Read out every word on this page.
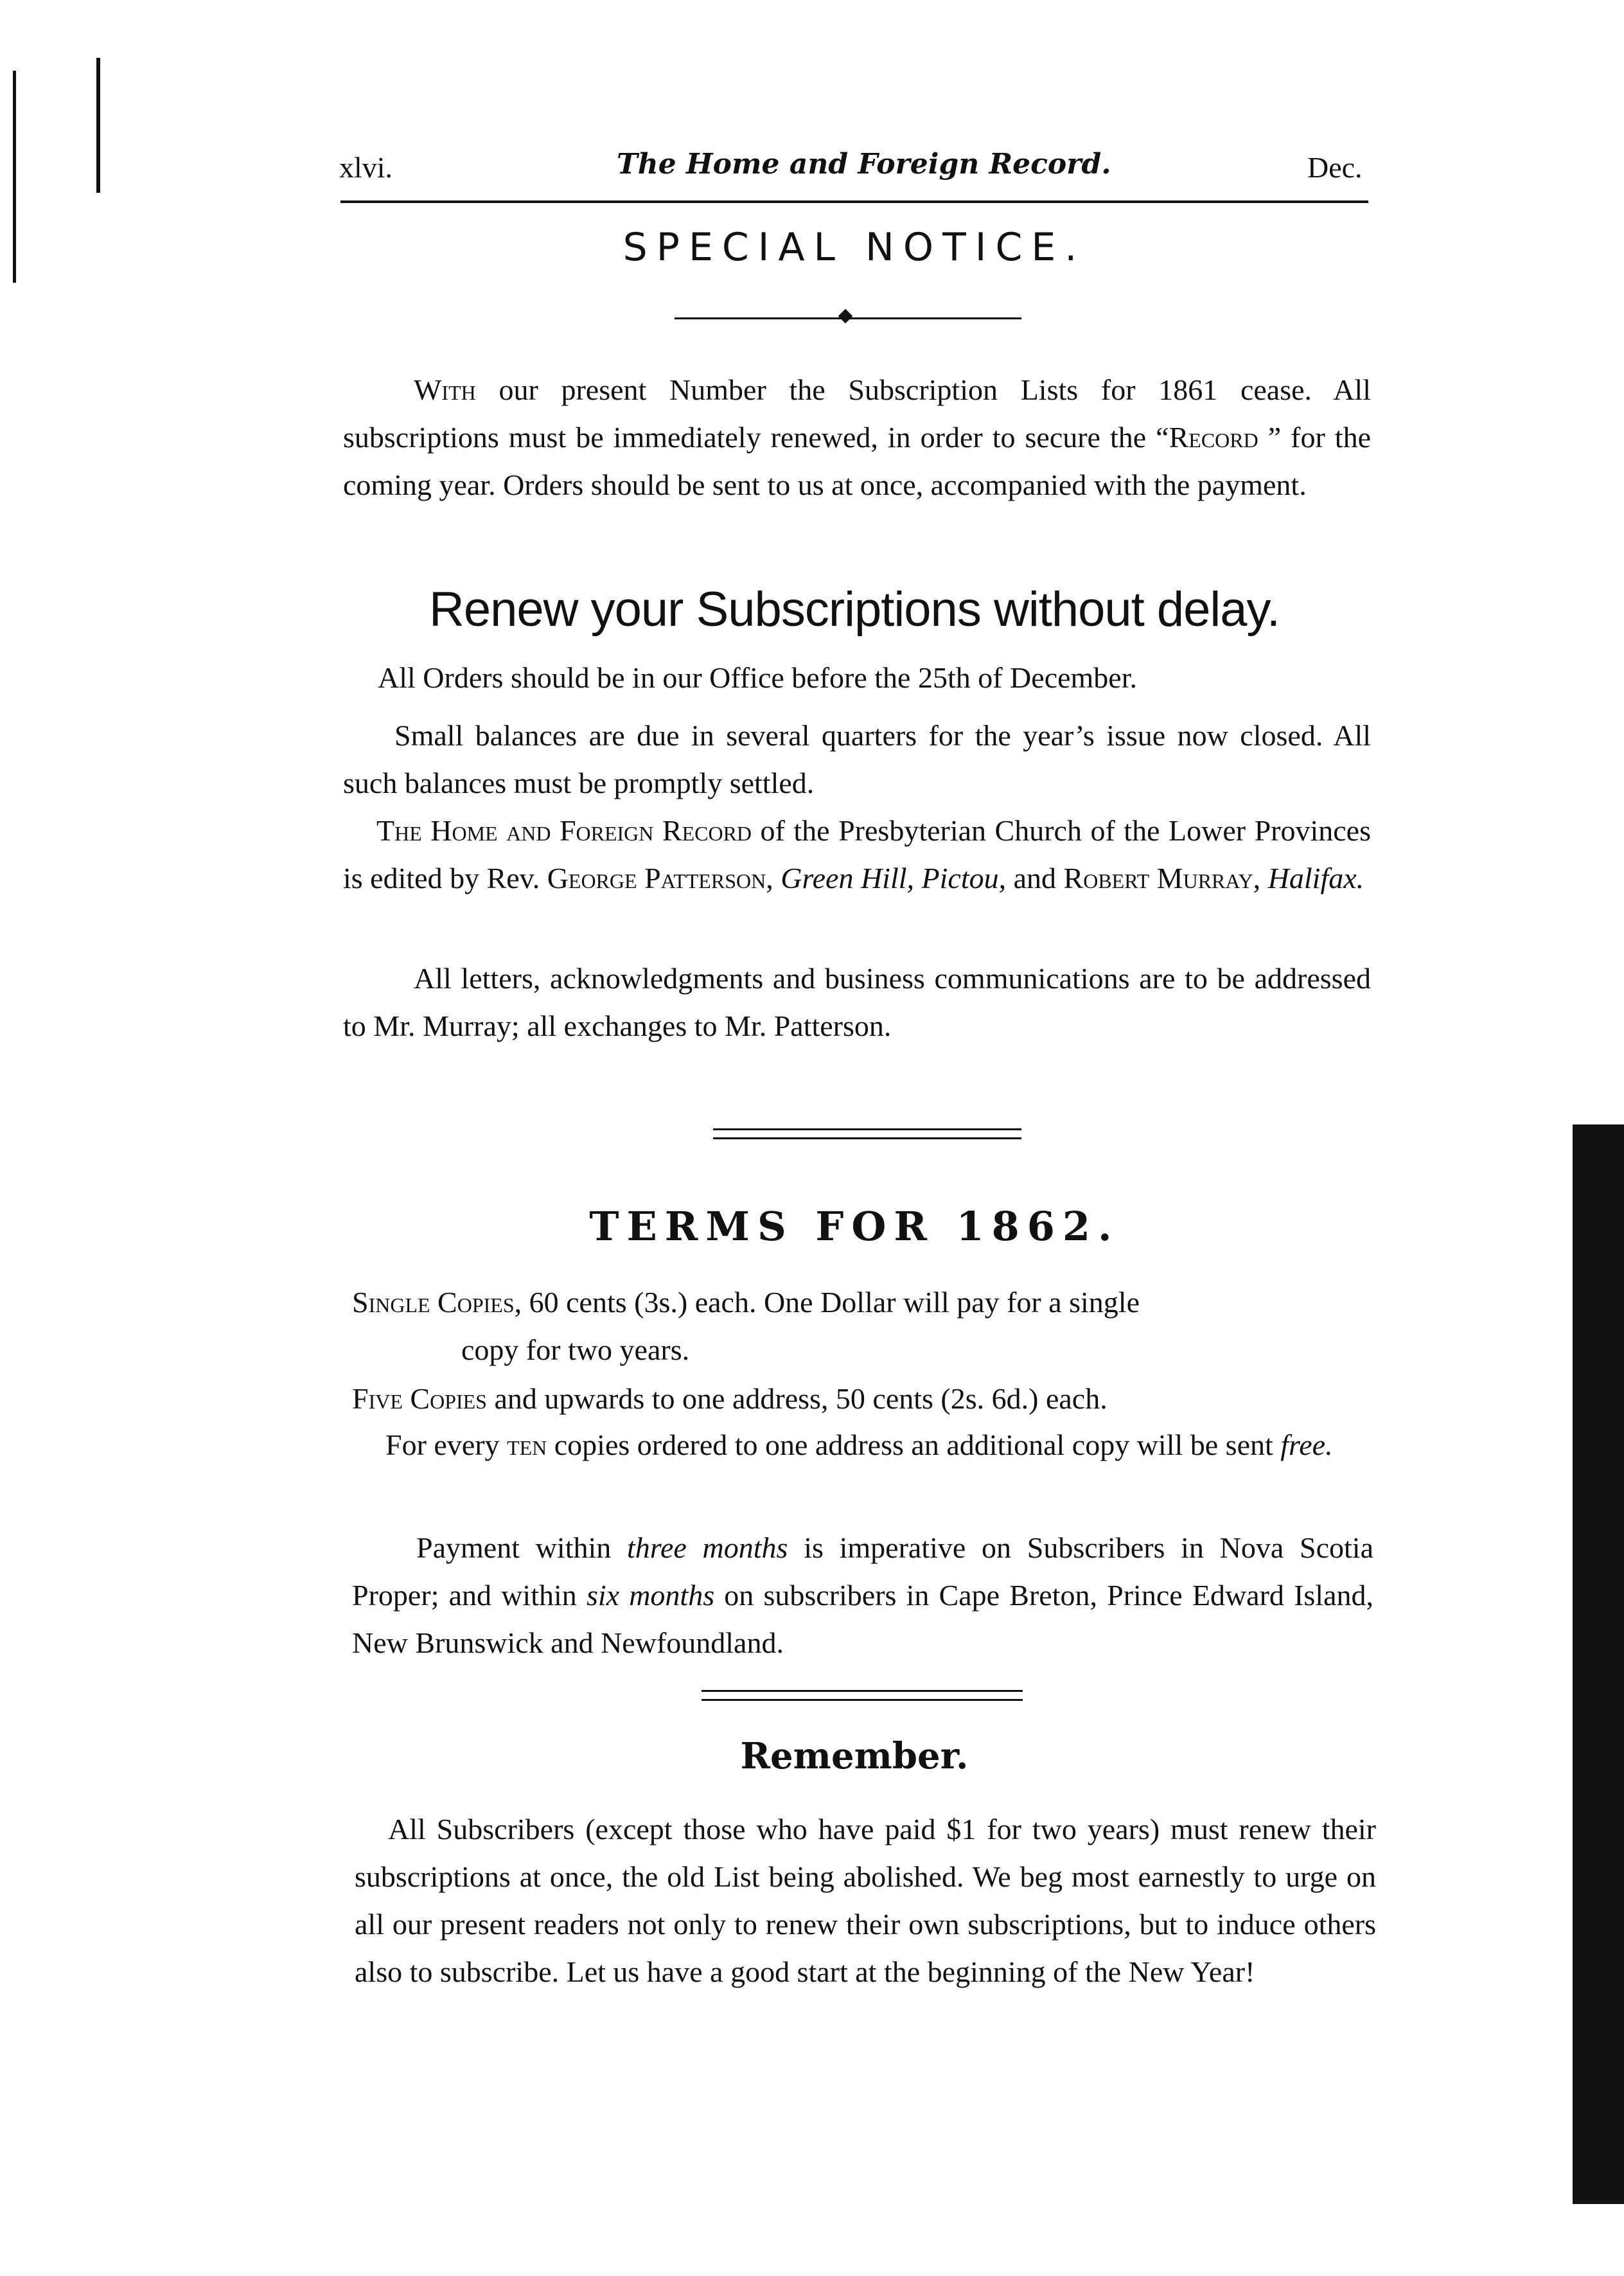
xlvi.	The Home and Foreign Record.	Dec.
SPECIAL NOTICE.
With our present Number the Subscription Lists for 1861 cease. All subscriptions must be immediately renewed, in order to secure the “Record ” for the coming year. Orders should be sent to us at once, accompanied with the payment.
Renew your Subscriptions without delay.
All Orders should be in our Office before the 25th of December.
Small balances are due in several quarters for the year’s issue now closed. All such balances must be promptly settled.
The Home and Foreign Record of the Presbyterian Church of the Lower Provinces is edited by Rev. George Patterson, Green Hill, Pictou, and Robert Murray, Halifax.
All letters, acknowledgments and business communications are to be addressed to Mr. Murray; all exchanges to Mr. Patterson.
TERMS FOR 1862.
Single Copies, 60 cents (3s.) each. One Dollar will pay for a single
copy for two years.
Five Copies and upwards to one address, 50 cents (2s. 6d.) each.
For every ten copies ordered to one address an additional copy will be sent free.
Payment within three months is imperative on Subscribers in Nova Scotia Proper; and within six months on subscribers in Cape Breton, Prince Edward Island, New Brunswick and Newfoundland.
Remember.
All Subscribers (except those who have paid $1 for two years) must renew their subscriptions at once, the old List being abolished. We beg most earnestly to urge on all our present readers not only to renew their own subscriptions, but to induce others also to subscribe. Let us have a good start at the beginning of the New Year!
